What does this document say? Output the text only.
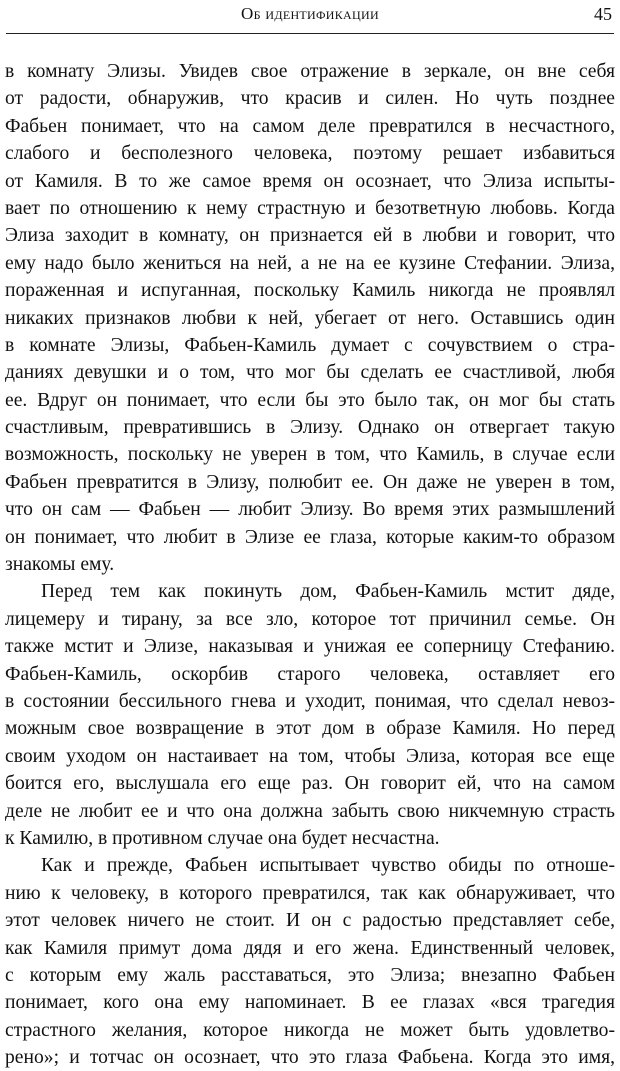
Об идентификации	45
в комнату Элизы. Увидев свое отражение в зеркале, он вне себя
от радости, обнаружив, что красив и силен. Но чуть позднее
Фабьен понимает, что на самом деле превратился в несчастного,
слабого и бесполезного человека, поэтому решает избавиться
от Камиля. В то же самое время он осознает, что Элиза испыты-
вает по отношению к нему страстную и безответную любовь. Когда
Элиза заходит в комнату, он признается ей в любви и говорит, что
ему надо было жениться на ней, а не на ее кузине Стефании. Элиза,
пораженная и испуганная, поскольку Камиль никогда не проявлял
никаких признаков любви к ней, убегает от него. Оставшись один
в комнате Элизы, Фабьен-Камиль думает с сочувствием о стра-
даниях девушки и о том, что мог бы сделать ее счастливой, любя
ее. Вдруг он понимает, что если бы это было так, он мог бы стать
счастливым, превратившись в Элизу. Однако он отвергает такую
возможность, поскольку не уверен в том, что Камиль, в случае если
Фабьен превратится в Элизу, полюбит ее. Он даже не уверен в том,
что он сам — Фабьен — любит Элизу. Во время этих размышлений
он понимает, что любит в Элизе ее глаза, которые каким-то образом
знакомы ему.
Перед тем как покинуть дом, Фабьен-Камиль мстит дяде,
лицемеру и тирану, за все зло, которое тот причинил семье. Он
также мстит и Элизе, наказывая и унижая ее соперницу Стефанию.
Фабьен-Камиль, оскорбив старого человека, оставляет его
в состоянии бессильного гнева и уходит, понимая, что сделал невоз-
можным свое возвращение в этот дом в образе Камиля. Но перед
своим уходом он настаивает на том, чтобы Элиза, которая все еще
боится его, выслушала его еще раз. Он говорит ей, что на самом
деле не любит ее и что она должна забыть свою никчемную страсть
к Камилю, в противном случае она будет несчастна.
Как и прежде, Фабьен испытывает чувство обиды по отноше-
нию к человеку, в которого превратился, так как обнаруживает, что
этот человек ничего не стоит. И он с радостью представляет себе,
как Камиля примут дома дядя и его жена. Единственный человек,
с которым ему жаль расставаться, это Элиза; внезапно Фабьен
понимает, кого она ему напоминает. В ее глазах «вся трагедия
страстного желания, которое никогда не может быть удовлетво-
рено»; и тотчас он осознает, что это глаза Фабьена. Когда это имя,
